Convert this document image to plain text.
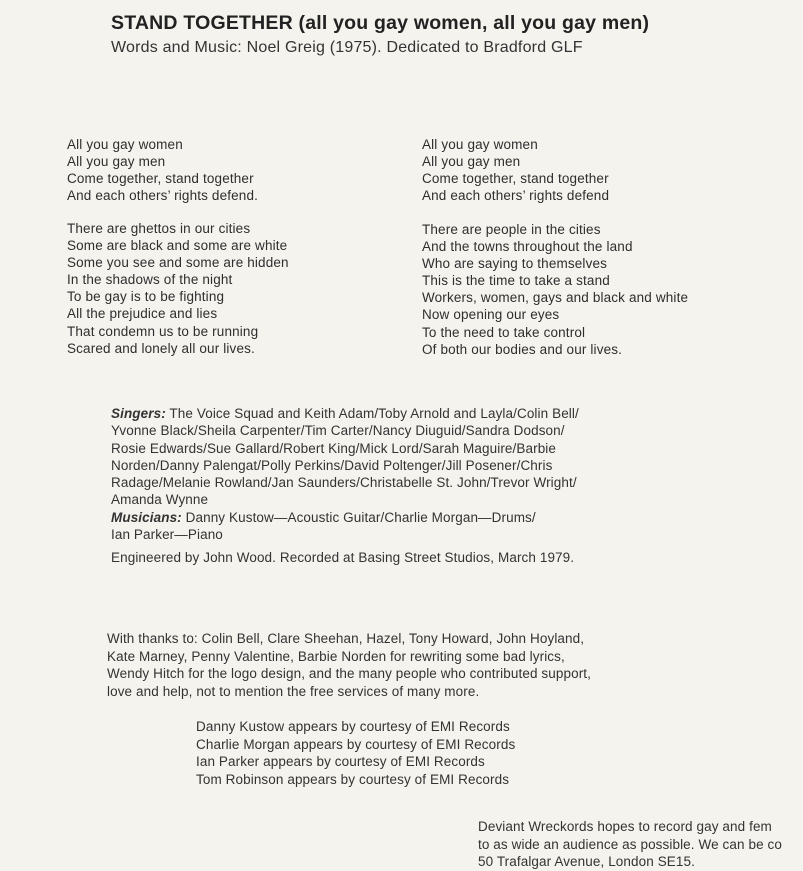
STAND TOGETHER (all you gay women, all you gay men)
Words and Music: Noel Greig (1975). Dedicated to Bradford GLF
All you gay women
All you gay men
Come together, stand together
And each others’ rights defend.
There are ghettos in our cities
Some are black and some are white
Some you see and some are hidden
In the shadows of the night
To be gay is to be fighting
All the prejudice and lies
That condemn us to be running
Scared and lonely all our lives.
All you gay women
All you gay men
Come together, stand together
And each others’ rights defend
There are people in the cities
And the towns throughout the land
Who are saying to themselves
This is the time to take a stand
Workers, women, gays and black and white
Now opening our eyes
To the need to take control
Of both our bodies and our lives.
Singers: The Voice Squad and Keith Adam/Toby Arnold and Layla/Colin Bell/
Yvonne Black/Sheila Carpenter/Tim Carter/Nancy Diuguid/Sandra Dodson/
Rosie Edwards/Sue Gallard/Robert King/Mick Lord/Sarah Maguire/Barbie
Norden/Danny Palengat/Polly Perkins/David Poltenger/Jill Posener/Chris
Radage/Melanie Rowland/Jan Saunders/Christabelle St. John/Trevor Wright/
Amanda Wynne
Musicians: Danny Kustow—Acoustic Guitar/Charlie Morgan—Drums/
Ian Parker—Piano
Engineered by John Wood. Recorded at Basing Street Studios, March 1979.
With thanks to: Colin Bell, Clare Sheehan, Hazel, Tony Howard, John Hoyland,
Kate Marney, Penny Valentine, Barbie Norden for rewriting some bad lyrics,
Wendy Hitch for the logo design, and the many people who contributed support,
love and help, not to mention the free services of many more.
Danny Kustow appears by courtesy of EMI Records
Charlie Morgan appears by courtesy of EMI Records
Ian Parker appears by courtesy of EMI Records
Tom Robinson appears by courtesy of EMI Records
Deviant Wreckords hopes to record gay and fem
to as wide an audience as possible. We can be co
50 Trafalgar Avenue, London SE15.
